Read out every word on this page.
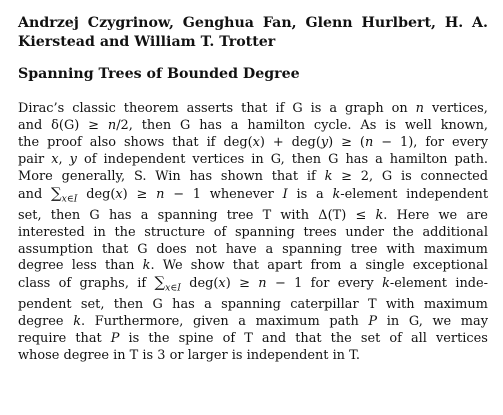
Andrzej Czygrinow, Genghua Fan, Glenn Hurlbert, H. A. Kierstead and William T. Trotter

Spanning Trees of Bounded Degree

Dirac’s classic theorem asserts that if G is a graph on n vertices,
and δ(G) ≥ n/2, then G has a hamilton cycle. As is well known,
the proof also shows that if deg(x) + deg(y) ≥ (n − 1), for every
pair x, y of independent vertices in G, then G has a hamilton path.
More generally, S. Win has shown that if k ≥ 2, G is connected
and $\sum_{x\in I}$ deg(x) ≥ n − 1 whenever I is a k-element independent
set, then G has a spanning tree T with Δ(T) ≤ k. Here we are
interested in the structure of spanning trees under the additional
assumption that G does not have a spanning tree with maximum
degree less than k. We show that apart from a single exceptional
class of graphs, if $\sum_{x\in I}$ deg(x) ≥ n − 1 for every k-element inde-
pendent set, then G has a spanning caterpillar T with maximum
degree k. Furthermore, given a maximum path P in G, we may
require that P is the spine of T and that the set of all vertices
whose degree in T is 3 or larger is independent in T.
